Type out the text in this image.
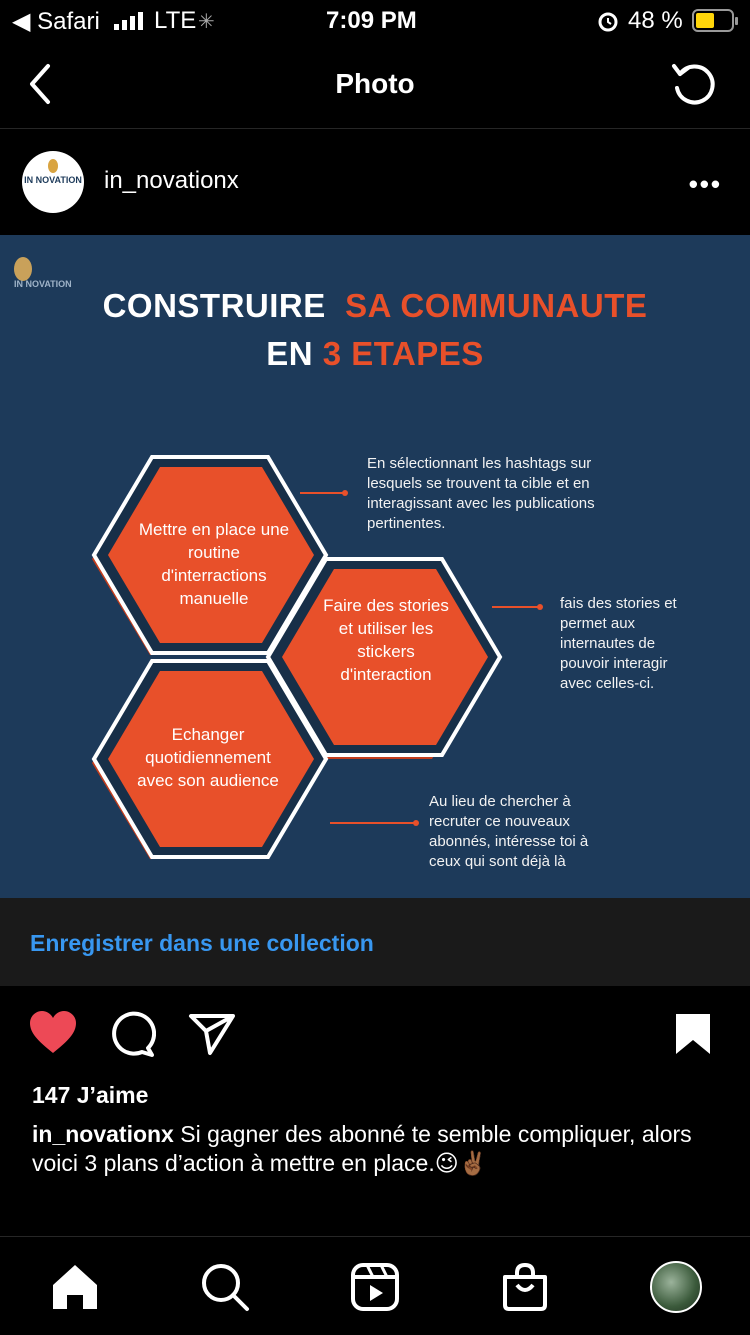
◀ Safari LTE ✳	7:09 PM	48 %
Photo
IN NOVATION in_novationx	•••
IN NOVATION
CONSTRUIRE SA COMMUNAUTE
EN 3 ETAPES
Mettre en place une routine d'interractions manuelle	Faire des stories et utiliser les stickers d'interaction
Echanger quotidiennement avec son audience
En sélectionnant les hashtags sur lesquels se trouvent ta cible et en interagissant avec les publications pertinentes.
fais des stories et permet aux internautes de pouvoir interagir avec celles-ci.
Au lieu de chercher à recruter ce nouveaux abonnés, intéresse toi à ceux qui sont déjà là
Enregistrer dans une collection
147 J’aime
in_novationx Si gagner des abonné te semble compliquer, alors voici 3 plans d’action à mettre en place.😉✌🏾
